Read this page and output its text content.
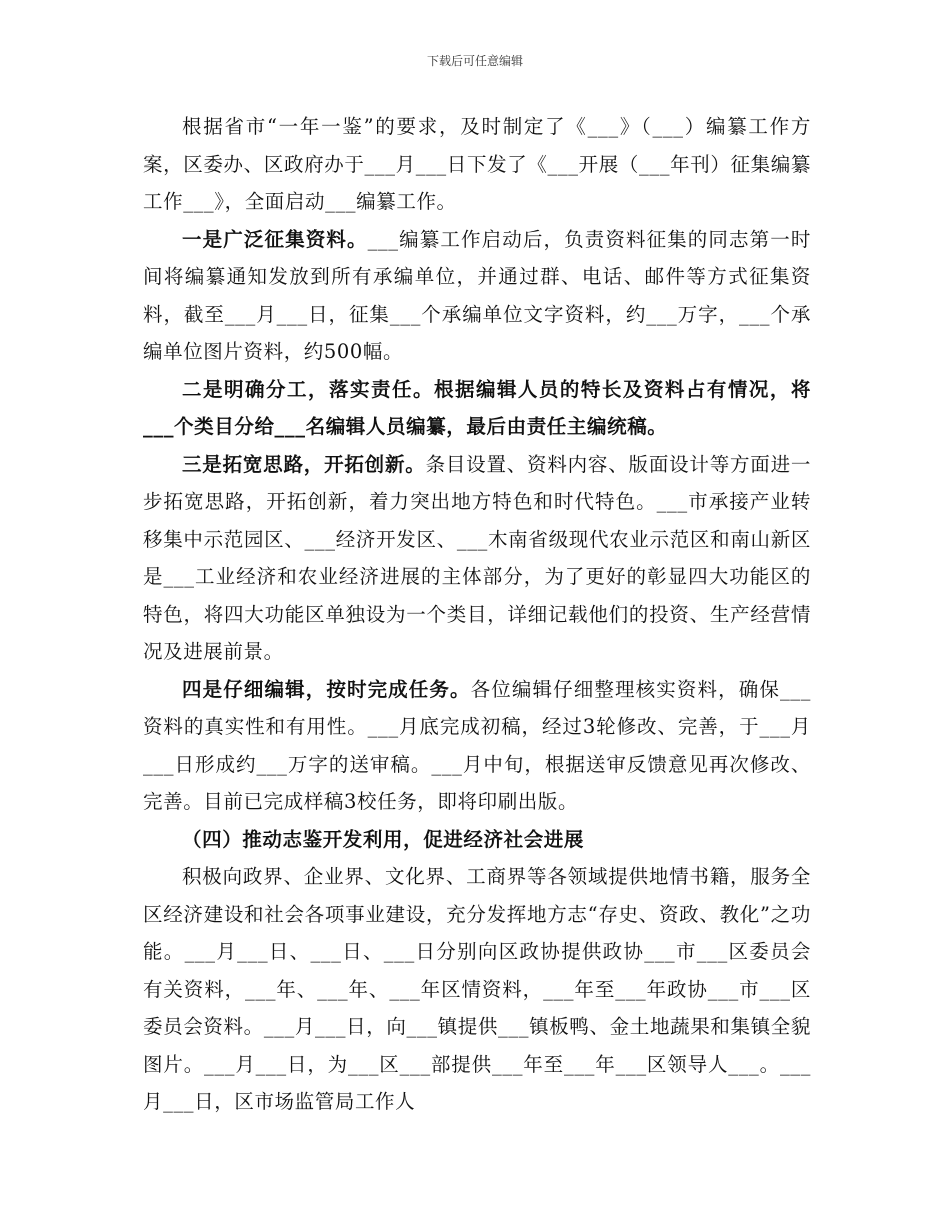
下载后可任意编辑

根据省市“一年一鉴”的要求，及时制定了《___》（___）编纂工作方案，区委办、区政府办于___月___日下发了《___开展（___年刊）征集编纂工作___》，全面启动___编纂工作。

一是广泛征集资料。___编纂工作启动后，负责资料征集的同志第一时间将编纂通知发放到所有承编单位，并通过群、电话、邮件等方式征集资料，截至___月___日，征集___个承编单位文字资料，约___万字，___个承编单位图片资料，约500幅。

二是明确分工，落实责任。根据编辑人员的特长及资料占有情况，将___个类目分给___名编辑人员编纂，最后由责任主编统稿。

三是拓宽思路，开拓创新。条目设置、资料内容、版面设计等方面进一步拓宽思路，开拓创新，着力突出地方特色和时代特色。___市承接产业转移集中示范园区、___经济开发区、___木南省级现代农业示范区和南山新区是___工业经济和农业经济进展的主体部分，为了更好的彰显四大功能区的特色，将四大功能区单独设为一个类目，详细记载他们的投资、生产经营情况及进展前景。

四是仔细编辑，按时完成任务。各位编辑仔细整理核实资料，确保___资料的真实性和有用性。___月底完成初稿，经过3轮修改、完善，于___月___日形成约___万字的送审稿。___月中旬，根据送审反馈意见再次修改、完善。目前已完成样稿3校任务，即将印刷出版。

（四）推动志鉴开发利用，促进经济社会进展

积极向政界、企业界、文化界、工商界等各领域提供地情书籍，服务全区经济建设和社会各项事业建设，充分发挥地方志“存史、资政、教化”之功能。___月___日、___日、___日分别向区政协提供政协___市___区委员会有关资料，___年、___年、___年区情资料，___年至___年政协___市___区委员会资料。___月___日，向___镇提供___镇板鸭、金土地蔬果和集镇全貌图片。___月___日，为___区___部提供___年至___年___区领导人___。___月___日，区市场监管局工作人
